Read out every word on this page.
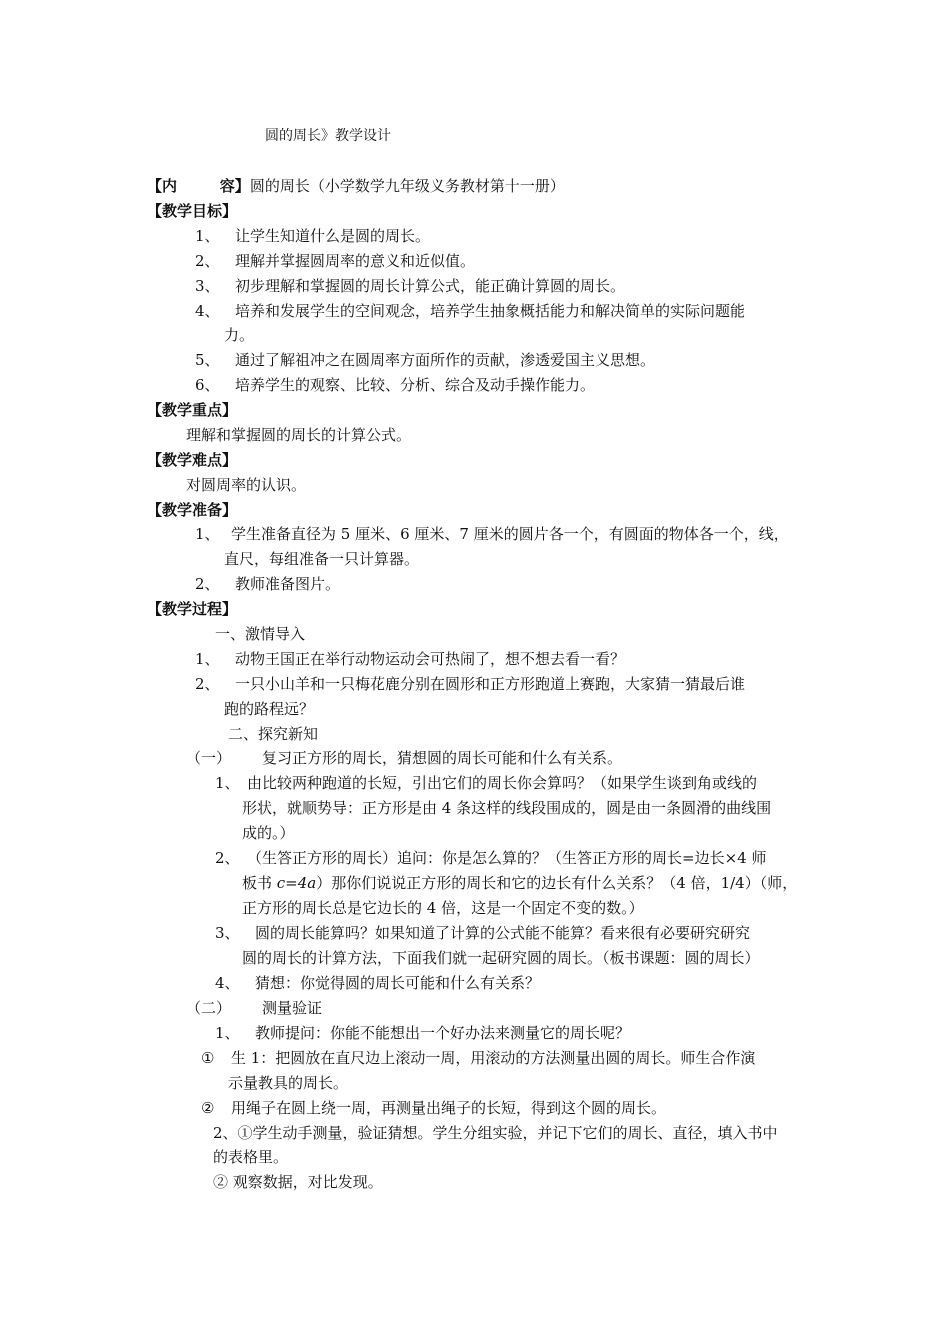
圆的周长》教学设计
【内	容】圆的周长（小学数学九年级义务教材第十一册）
【教学目标】
1、 让学生知道什么是圆的周长。
2、 理解并掌握圆周率的意义和近似值。
3、 初步理解和掌握圆的周长计算公式，能正确计算圆的周长。
4、 培养和发展学生的空间观念，培养学生抽象概括能力和解决简单的实际问题能
力。
5、 通过了解祖冲之在圆周率方面所作的贡献，渗透爱国主义思想。
6、 培养学生的观察、比较、分析、综合及动手操作能力。
【教学重点】
理解和掌握圆的周长的计算公式。
【教学难点】
对圆周率的认识。
【教学准备】
1、 学生准备直径为 5 厘米、6 厘米、7 厘米的圆片各一个，有圆面的物体各一个，线，
直尺，每组准备一只计算器。
2、 教师准备图片。
【教学过程】
一、激情导入
1、 动物王国正在举行动物运动会可热闹了，想不想去看一看？
2、 一只小山羊和一只梅花鹿分别在圆形和正方形跑道上赛跑，大家猜一猜最后谁
跑的路程远？
二、探究新知
（一） 复习正方形的周长，猜想圆的周长可能和什么有关系。
1、 由比较两种跑道的长短，引出它们的周长你会算吗？（如果学生谈到角或线的
形状，就顺势导：正方形是由 4 条这样的线段围成的，圆是由一条圆滑的曲线围
成的。）
2、 （生答正方形的周长）追问：你是怎么算的？（生答正方形的周长=边长×4 师
板书 c=4a）那你们说说正方形的周长和它的边长有什么关系？（4 倍，1/4）（师，
正方形的周长总是它边长的 4 倍，这是一个固定不变的数。）
3、 圆的周长能算吗？如果知道了计算的公式能不能算？看来很有必要研究研究
圆的周长的计算方法，下面我们就一起研究圆的周长。（板书课题：圆的周长）
4、 猜想：你觉得圆的周长可能和什么有关系？
（二） 测量验证
1、 教师提问：你能不能想出一个好办法来测量它的周长呢？
① 生 1：把圆放在直尺边上滚动一周，用滚动的方法测量出圆的周长。师生合作演
示量教具的周长。
② 用绳子在圆上绕一周，再测量出绳子的长短，得到这个圆的周长。
2、①学生动手测量，验证猜想。学生分组实验，并记下它们的周长、直径，填入书中
的表格里。
② 观察数据，对比发现。
